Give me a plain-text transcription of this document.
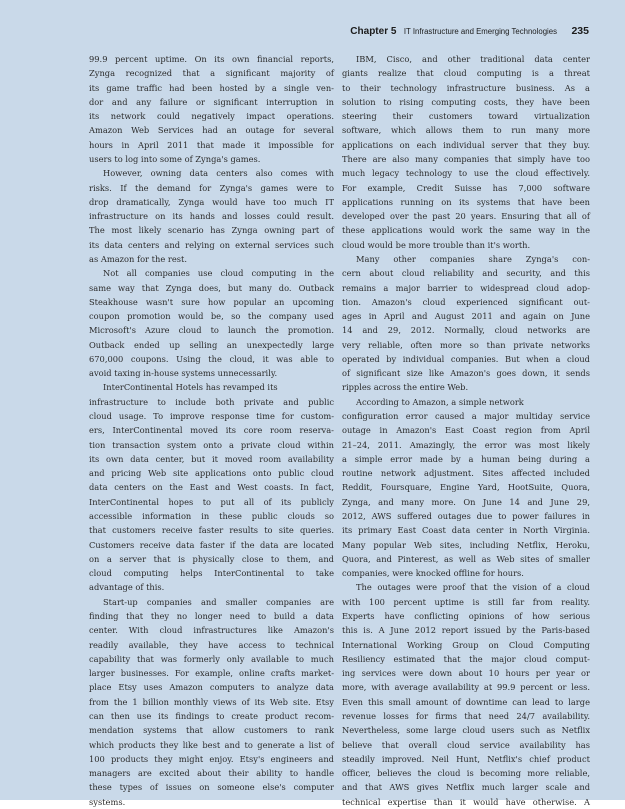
Chapter 5 IT Infrastructure and Emerging Technologies 235

99.9 percent uptime. On its own financial reports,

Zynga recognized that a significant majority of

its game traffic had been hosted by a single ven-

dor and any failure or significant interruption in

its network could negatively impact operations.

Amazon Web Services had an outage for several

hours in April 2011 that made it impossible for

users to log into some of Zynga's games.

However, owning data centers also comes with

risks. If the demand for Zynga's games were to

drop dramatically, Zynga would have too much IT

infrastructure on its hands and losses could result.

The most likely scenario has Zynga owning part of

its data centers and relying on external services such

as Amazon for the rest.

Not all companies use cloud computing in the

same way that Zynga does, but many do. Outback

Steakhouse wasn't sure how popular an upcoming

coupon promotion would be, so the company used

Microsoft's Azure cloud to launch the promotion.

Outback ended up selling an unexpectedly large

670,000 coupons. Using the cloud, it was able to

avoid taxing in-house systems unnecessarily.

InterContinental Hotels has revamped its

infrastructure to include both private and public

cloud usage. To improve response time for custom-

ers, InterContinental moved its core room reserva-

tion transaction system onto a private cloud within

its own data center, but it moved room availability

and pricing Web site applications onto public cloud

data centers on the East and West coasts. In fact,

InterContinental hopes to put all of its publicly

accessible information in these public clouds so

that customers receive faster results to site queries.

Customers receive data faster if the data are located

on a server that is physically close to them, and

cloud computing helps InterContinental to take

advantage of this.

Start-up companies and smaller companies are

finding that they no longer need to build a data

center. With cloud infrastructures like Amazon's

readily available, they have access to technical

capability that was formerly only available to much

larger businesses. For example, online crafts market-

place Etsy uses Amazon computers to analyze data

from the 1 billion monthly views of its Web site. Etsy

can then use its findings to create product recom-

mendation systems that allow customers to rank

which products they like best and to generate a list of

100 products they might enjoy. Etsy's engineers and

managers are excited about their ability to handle

these types of issues on someone else's computer

systems.

IBM, Cisco, and other traditional data center

giants realize that cloud computing is a threat

to their technology infrastructure business. As a

solution to rising computing costs, they have been

steering their customers toward virtualization

software, which allows them to run many more

applications on each individual server that they buy.

There are also many companies that simply have too

much legacy technology to use the cloud effectively.

For example, Credit Suisse has 7,000 software

applications running on its systems that have been

developed over the past 20 years. Ensuring that all of

these applications would work the same way in the

cloud would be more trouble than it's worth.

Many other companies share Zynga's con-

cern about cloud reliability and security, and this

remains a major barrier to widespread cloud adop-

tion. Amazon's cloud experienced significant out-

ages in April and August 2011 and again on June

14 and 29, 2012. Normally, cloud networks are

very reliable, often more so than private networks

operated by individual companies. But when a cloud

of significant size like Amazon's goes down, it sends

ripples across the entire Web.

According to Amazon, a simple network

configuration error caused a major multiday service

outage in Amazon's East Coast region from April

21–24, 2011. Amazingly, the error was most likely

a simple error made by a human being during a

routine network adjustment. Sites affected included

Reddit, Foursquare, Engine Yard, HootSuite, Quora,

Zynga, and many more. On June 14 and June 29,

2012, AWS suffered outages due to power failures in

its primary East Coast data center in North Virginia.

Many popular Web sites, including Netflix, Heroku,

Quora, and Pinterest, as well as Web sites of smaller

companies, were knocked offline for hours.

The outages were proof that the vision of a cloud

with 100 percent uptime is still far from reality.

Experts have conflicting opinions of how serious

this is. A June 2012 report issued by the Paris-based

International Working Group on Cloud Computing

Resiliency estimated that the major cloud comput-

ing services were down about 10 hours per year or

more, with average availability at 99.9 percent or less.

Even this small amount of downtime can lead to large

revenue losses for firms that need 24/7 availability.

Nevertheless, some large cloud users such as Netflix

believe that overall cloud service availability has

steadily improved. Neil Hunt, Netflix's chief product

officer, believes the cloud is becoming more reliable,

and that AWS gives Netflix much larger scale and

technical expertise than it would have otherwise. A
